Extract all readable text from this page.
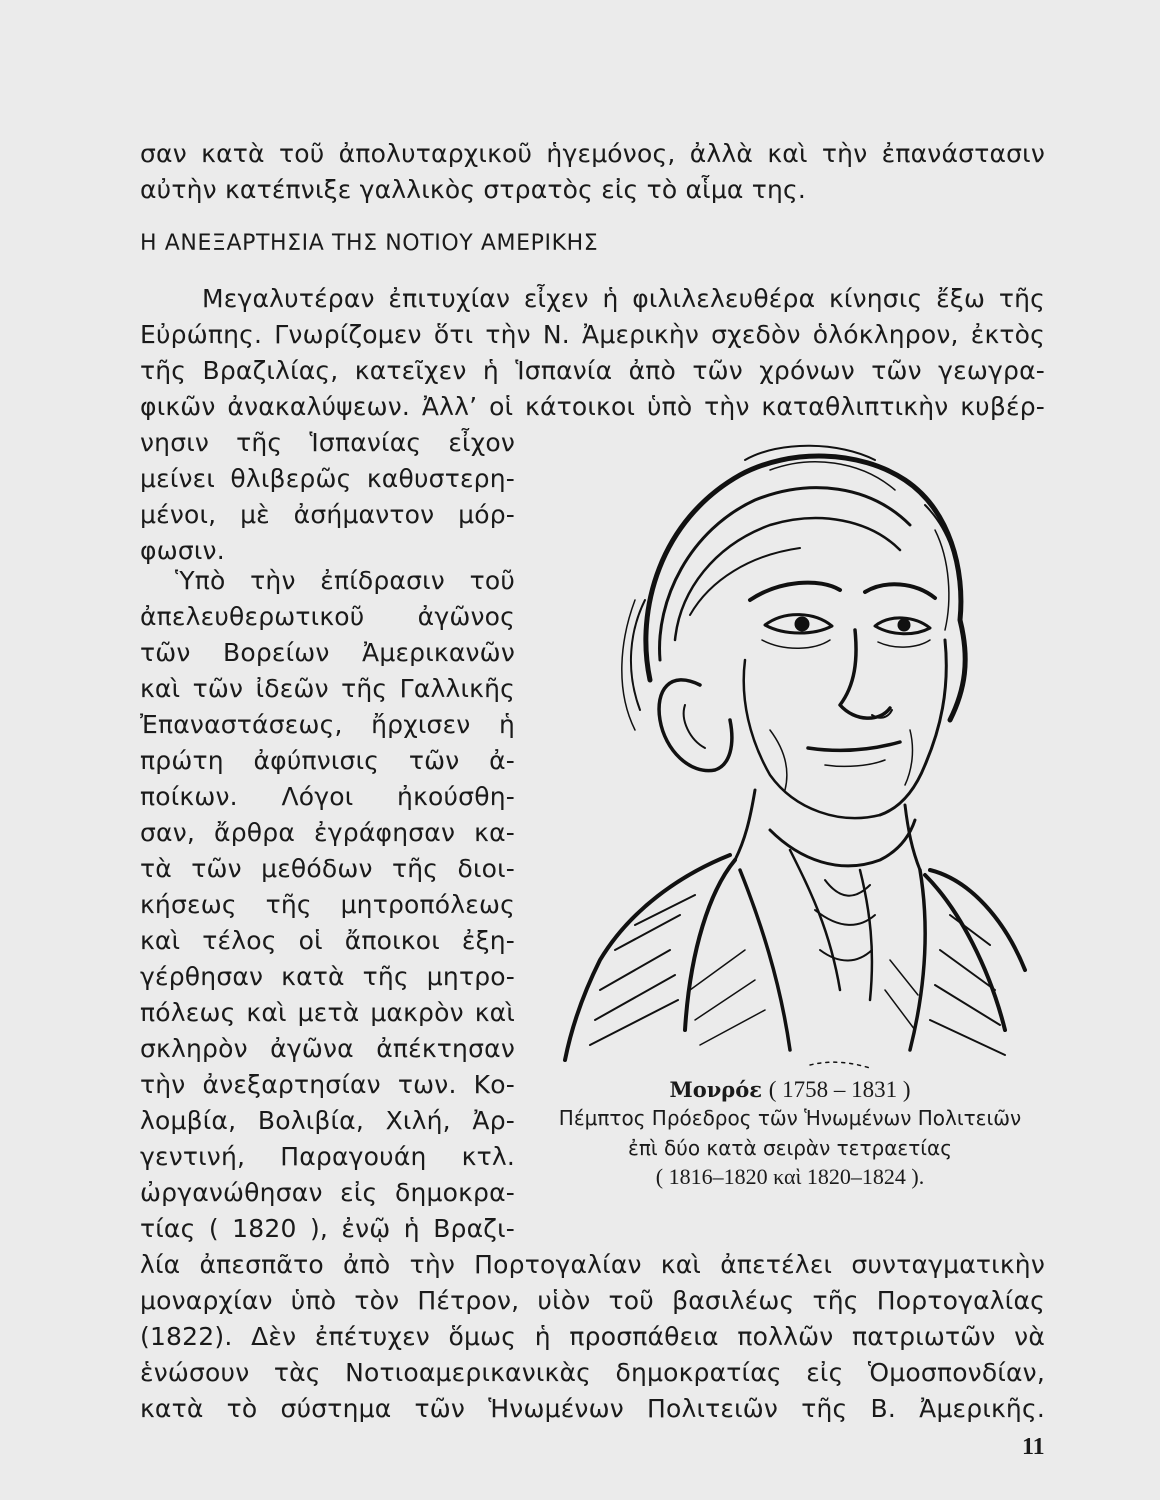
σαν κατὰ τοῦ ἀπολυταρχικοῦ ἡγεμόνος, ἀλλὰ καὶ τὴν ἐπανάστασιν
αὐτὴν κατέπνιξε γαλλικὸς στρατὸς εἰς τὸ αἷμα της.
Η ΑΝΕΞΑΡΤΗΣΙΑ ΤΗΣ ΝΟΤΙΟΥ ΑΜΕΡΙΚΗΣ
Μεγαλυτέραν ἐπιτυχίαν εἶχεν ἡ φιλιλελευθέρα κίνησις ἔξω τῆς
Εὐρώπης. Γνωρίζομεν ὅτι τὴν Ν. Ἀμερικὴν σχεδὸν ὁλόκληρον, ἐκτὸς
τῆς Βραζιλίας, κατεῖχεν ἡ Ἱσπανία ἀπὸ τῶν χρόνων τῶν γεωγρα-
φικῶν ἀνακαλύψεων. Ἀλλ’ οἱ κάτοικοι ὑπὸ τὴν καταθλιπτικὴν κυβέρ-
νησιν τῆς Ἱσπανίας εἶχον
μείνει θλιβερῶς καθυστερη-
μένοι, μὲ ἀσήμαντον μόρ-
φωσιν.
Ὑπὸ τὴν ἐπίδρασιν τοῦ
ἀπελευθερωτικοῦ ἀγῶνος
τῶν Βορείων Ἀμερικανῶν
καὶ τῶν ἰδεῶν τῆς Γαλλικῆς
Ἐπαναστάσεως, ἤρχισεν ἡ
πρώτη ἀφύπνισις τῶν ἀ-
ποίκων. Λόγοι ἠκούσθη-
σαν, ἄρθρα ἐγράφησαν κα-
τὰ τῶν μεθόδων τῆς διοι-
κήσεως τῆς μητροπόλεως
καὶ τέλος οἱ ἄποικοι ἐξη-
γέρθησαν κατὰ τῆς μητρο-
πόλεως καὶ μετὰ μακρὸν καὶ
σκληρὸν ἀγῶνα ἀπέκτησαν
τὴν ἀνεξαρτησίαν των. Κο-
λομβία, Βολιβία, Χιλή, Ἀρ-
γεντινή, Παραγουάη κτλ.
ὠργανώθησαν εἰς δημοκρα-
τίας ( 1820 ), ἐνῷ ἡ Βραζι-
λία ἀπεσπᾶτο ἀπὸ τὴν Πορτογαλίαν καὶ ἀπετέλει συνταγματικὴν
μοναρχίαν ὑπὸ τὸν Πέτρον, υἱὸν τοῦ βασιλέως τῆς Πορτογαλίας
(1822). Δὲν ἐπέτυχεν ὅμως ἡ προσπάθεια πολλῶν πατριωτῶν νὰ
ἑνώσουν τὰς Νοτιοαμερικανικὰς δημοκρατίας εἰς Ὁμοσπονδίαν,
κατὰ τὸ σύστημα τῶν Ἡνωμένων Πολιτειῶν τῆς Β. Ἀμερικῆς.
Μονρόε ( 1758 – 1831 )
Πέμπτος Πρόεδρος τῶν Ἡνωμένων Πολιτειῶν
ἐπὶ δύο κατὰ σειρὰν τετραετίας
( 1816–1820 καὶ 1820–1824 ).
11
